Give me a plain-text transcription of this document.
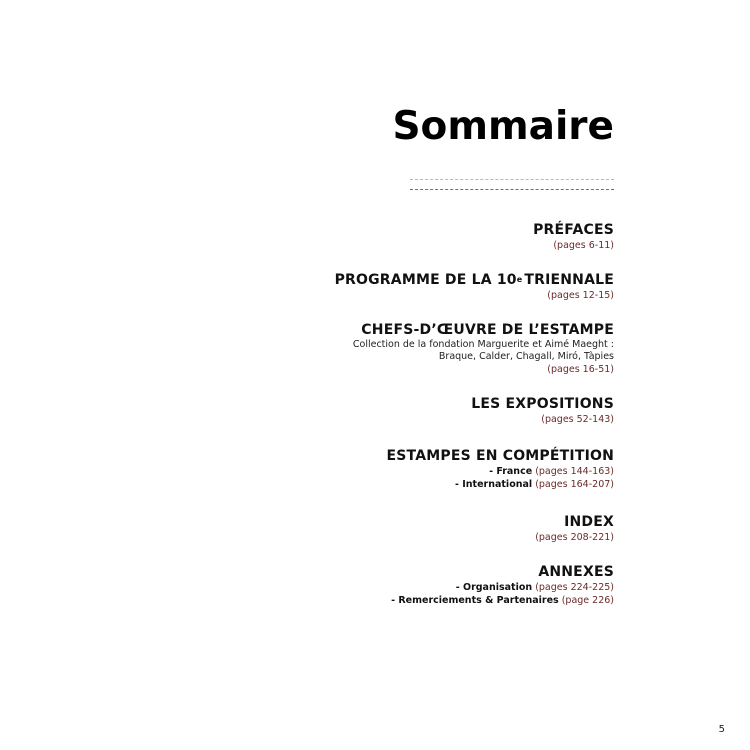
Sommaire
PRÉFACES
(pages 6-11)
PROGRAMME DE LA 10e TRIENNALE
(pages 12-15)
CHEFS-D’ŒUVRE DE L’ESTAMPE
Collection de la fondation Marguerite et Aimé Maeght :
Braque, Calder, Chagall, Miró, Tàpies
(pages 16-51)
LES EXPOSITIONS
(pages 52-143)
ESTAMPES EN COMPÉTITION
- France (pages 144-163)
- International (pages 164-207)
INDEX
(pages 208-221)
ANNEXES
- Organisation (pages 224-225)
- Remerciements & Partenaires (page 226)
5
